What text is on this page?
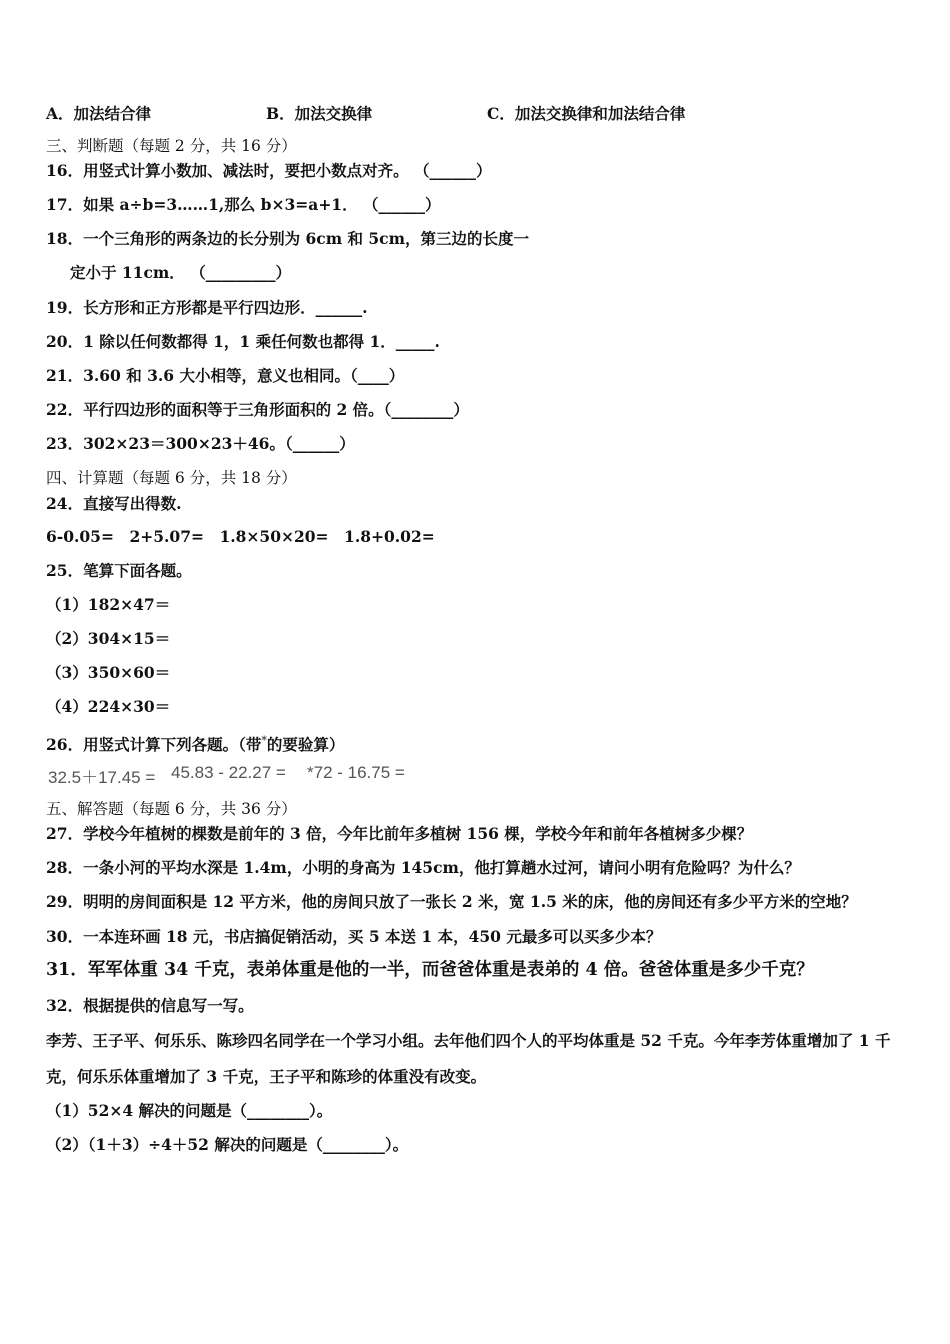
A．加法结合律	B．加法交换律	C．加法交换律和加法结合律
三、判断题（每题 2 分，共 16 分）
16．用竖式计算小数加、减法时，要把小数点对齐。 （______）
17．如果 a÷b=3……1,那么 b×3=a+1． （______）
18．一个三角形的两条边的长分别为 6cm 和 5cm，第三边的长度一
定小于 11cm． （_________）
19．长方形和正方形都是平行四边形．______.
20．1 除以任何数都得 1，1 乘任何数也都得 1．_____.
21．3.60 和 3.6 大小相等，意义也相同。（____）
22．平行四边形的面积等于三角形面积的 2 倍。（________）
23．302×23＝300×23＋46。（______）
四、计算题（每题 6 分，共 18 分）
24．直接写出得数.
6-0.05=　2+5.07=　1.8×50×20=　1.8+0.02=
25．笔算下面各题。
（1）182×47＝
（2）304×15＝
（3）350×60＝
（4）224×30＝
26．用竖式计算下列各题。（带*的要验算）
32.5＋17.45 = 45.83 - 22.27 = *72 - 16.75 =
五、解答题（每题 6 分，共 36 分）
27．学校今年植树的棵数是前年的 3 倍，今年比前年多植树 156 棵，学校今年和前年各植树多少棵？
28．一条小河的平均水深是 1.4m，小明的身高为 145cm，他打算趟水过河，请问小明有危险吗？为什么？
29．明明的房间面积是 12 平方米，他的房间只放了一张长 2 米，宽 1.5 米的床，他的房间还有多少平方米的空地？
30．一本连环画 18 元，书店搞促销活动，买 5 本送 1 本，450 元最多可以买多少本？
31．军军体重 34 千克，表弟体重是他的一半，而爸爸体重是表弟的 4 倍。爸爸体重是多少千克？
32．根据提供的信息写一写。
李芳、王子平、何乐乐、陈珍四名同学在一个学习小组。去年他们四个人的平均体重是 52 千克。今年李芳体重增加了 1 千
克，何乐乐体重增加了 3 千克，王子平和陈珍的体重没有改变。
（1）52×4 解决的问题是（________）。
（2）（1＋3）÷4＋52 解决的问题是（________）。
